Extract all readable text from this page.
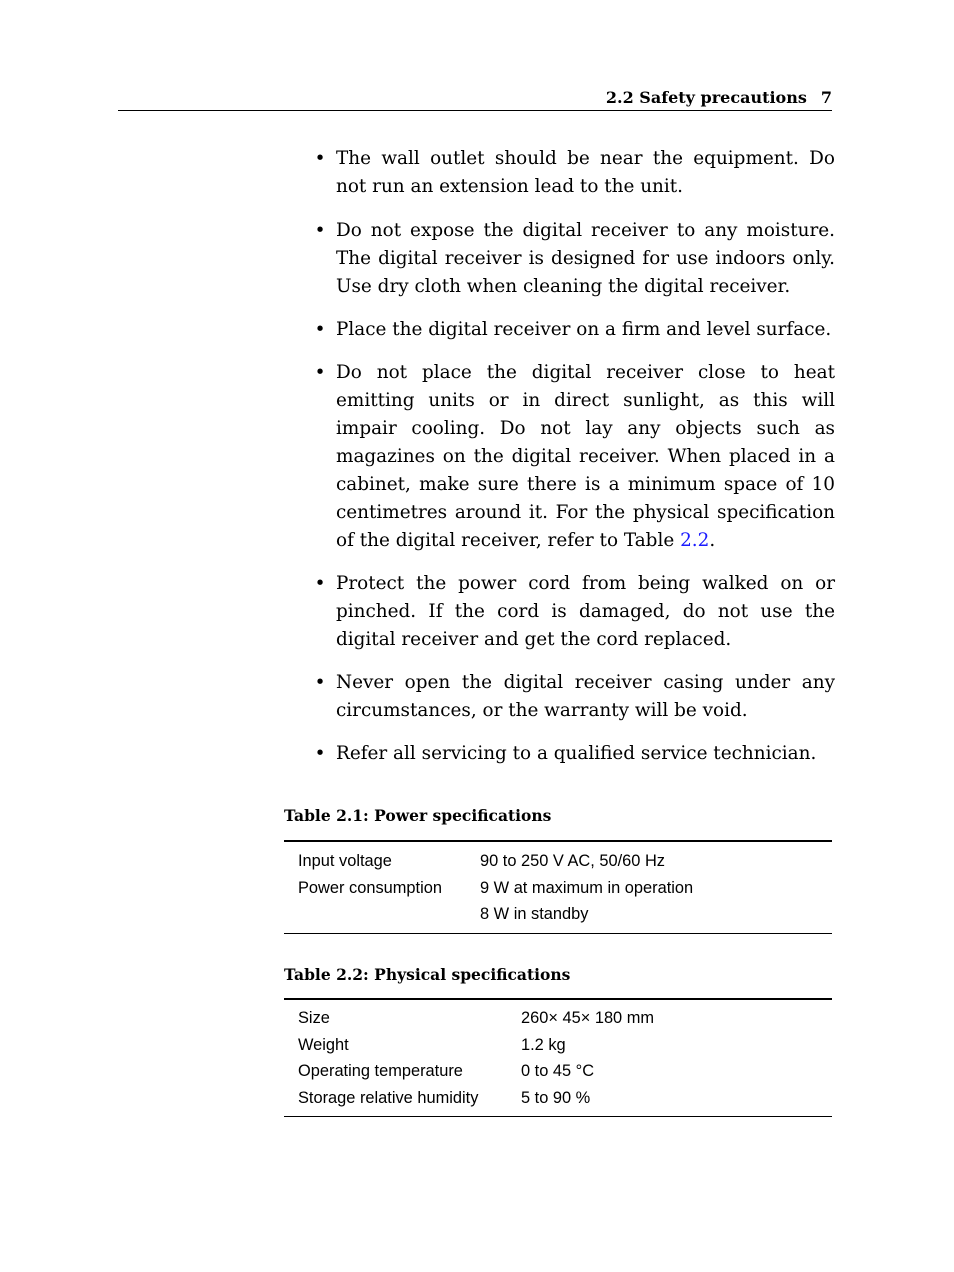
2.2 Safety precautions 7
• The wall outlet should be near the equipment. Do not run an extension lead to the unit.
• Do not expose the digital receiver to any moisture. The digital receiver is designed for use indoors only. Use dry cloth when cleaning the digital receiver.
• Place the digital receiver on a firm and level surface.
• Do not place the digital receiver close to heat emitting units or in direct sunlight, as this will impair cooling. Do not lay any objects such as magazines on the digital receiver. When placed in a cabinet, make sure there is a minimum space of 10 centimetres around it. For the physical specification of the digital receiver, refer to Table 2.2.
• Protect the power cord from being walked on or pinched. If the cord is damaged, do not use the digital receiver and get the cord replaced.
• Never open the digital receiver casing under any circumstances, or the warranty will be void.
• Refer all servicing to a qualified service technician.
Table 2.1: Power specifications
Input voltage	90 to 250 V AC, 50/60 Hz
Power consumption 9 W at maximum in operation
8 W in standby
Table 2.2: Physical specifications
Size	260× 45× 180 mm
Weight	1.2 kg
Operating temperature	0 to 45 °C
Storage relative humidity	5 to 90 %
